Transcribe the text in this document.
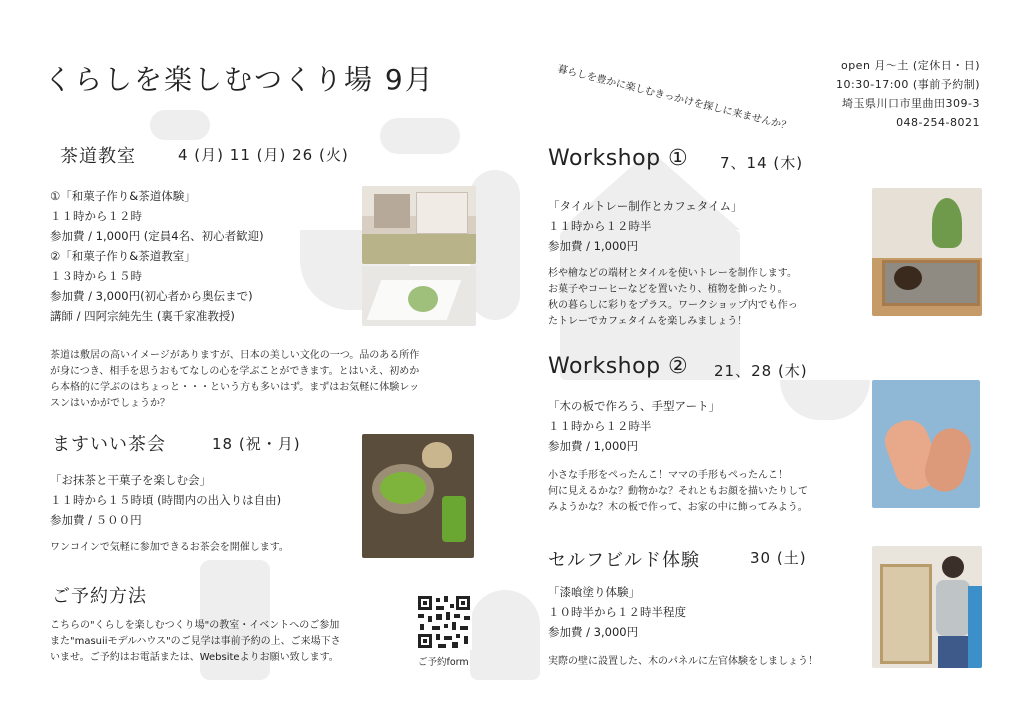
くらしを楽しむつくり場 9月	暮らしを豊かに楽しむきっかけを探しに来ませんか？	open 月〜土 (定休日・日)
10:30-17:00 (事前予約制)
埼玉県川口市里曲田309-3
048-254-8021
茶道教室	4 (月) 11 (月) 26 (火)
①「和菓子作り&茶道体験」
１１時から１２時
参加費 / 1,000円 (定員4名、初心者歓迎)
②「和菓子作り&茶道教室」
１３時から１５時
参加費 / 3,000円(初心者から奥伝まで)
講師 / 四阿宗純先生 (裏千家准教授)
茶道は敷居の高いイメージがありますが、日本の美しい文化の一つ。品のある所作
が身につき、相手を思うおもてなしの心を学ぶことができます。とはいえ、初めか
ら本格的に学ぶのはちょっと・・・という方も多いはず。まずはお気軽に体験レッ
スンはいかがでしょうか？
ますいい茶会	18 (祝・月)
「お抹茶と干菓子を楽しむ会」
１１時から１５時頃 (時間内の出入りは自由)
参加費 / ５００円
ワンコインで気軽に参加できるお茶会を開催します。
ご予約方法
こちらの"くらしを楽しむつくり場"の教室・イベントへのご参加
また"masuiiモデルハウス"のご見学は事前予約の上、ご来場下さ
いませ。ご予約はお電話または、Websiteよりお願い致します。	ご予約form
Workshop ① 7、14 (木)
「タイルトレー制作とカフェタイム」
１１時から１２時半
参加費 / 1,000円
杉や檜などの端材とタイルを使いトレーを制作します。
お菓子やコーヒーなどを置いたり、植物を飾ったり。
秋の暮らしに彩りをプラス。ワークショップ内でも作っ
たトレーでカフェタイムを楽しみましょう！
Workshop ② 21、28 (木)
「木の板で作ろう、手型アート」
１１時から１２時半
参加費 / 1,000円
小さな手形をぺったんこ！ママの手形もぺったんこ！
何に見えるかな？動物かな？それともお顔を描いたりして
みようかな？木の板で作って、お家の中に飾ってみよう。
セルフビルド体験	30 (土)
「漆喰塗り体験」
１０時半から１２時半程度
参加費 / 3,000円
実際の壁に設置した、木のパネルに左官体験をしましょう！
